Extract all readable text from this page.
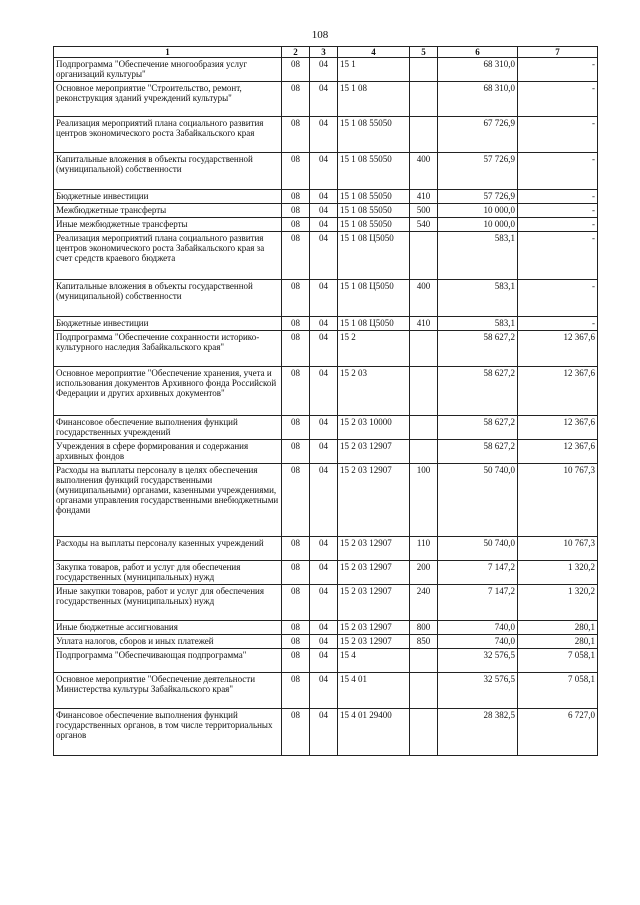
108
1	2	3	4	5	6	7
Подпрограмма "Обеспечение многообразия услуг организаций культуры"	08	04	15 1		68 310,0	-
Основное мероприятие "Строительство, ремонт, реконструкция зданий учреждений культуры"	08	04	15 1 08		68 310,0	-
Реализация мероприятий плана социального развития центров экономического роста Забайкальского края	08	04	15 1 08 55050		67 726,9	-
Капитальные вложения в объекты государственной (муниципальной) собственности	08	04	15 1 08 55050	400	57 726,9	-
Бюджетные инвестиции	08	04	15 1 08 55050	410	57 726,9	-
Межбюджетные трансферты	08	04	15 1 08 55050	500	10 000,0	-
Иные межбюджетные трансферты	08	04	15 1 08 55050	540	10 000,0	-
Реализация мероприятий плана социального развития центров экономического роста Забайкальского края за счет средств краевого бюджета	08	04	15 1 08 Ц5050		583,1	-
Капитальные вложения в объекты государственной (муниципальной) собственности	08	04	15 1 08 Ц5050	400	583,1	-
Бюджетные инвестиции	08	04	15 1 08 Ц5050	410	583,1	-
Подпрограмма "Обеспечение сохранности историко-культурного наследия Забайкальского края"	08	04	15 2		58 627,2	12 367,6
Основное мероприятие "Обеспечение хранения, учета и использования документов Архивного фонда Российской Федерации и других архивных документов"	08	04	15 2 03		58 627,2	12 367,6
Финансовое обеспечение выполнения функций государственных учреждений	08	04	15 2 03 10000		58 627,2	12 367,6
Учреждения в сфере формирования и содержания архивных фондов	08	04	15 2 03 12907		58 627,2	12 367,6
Расходы на выплаты персоналу в целях обеспечения выполнения функций государственными (муниципальными) органами, казенными учреждениями, органами управления государственными внебюджетными фондами	08	04	15 2 03 12907	100	50 740,0	10 767,3
Расходы на выплаты персоналу казенных учреждений	08	04	15 2 03 12907	110	50 740,0	10 767,3
Закупка товаров, работ и услуг для обеспечения государственных (муниципальных) нужд	08	04	15 2 03 12907	200	7 147,2	1 320,2
Иные закупки товаров, работ и услуг для обеспечения государственных (муниципальных) нужд	08	04	15 2 03 12907	240	7 147,2	1 320,2
Иные бюджетные ассигнования	08	04	15 2 03 12907	800	740,0	280,1
Уплата налогов, сборов и иных платежей	08	04	15 2 03 12907	850	740,0	280,1
Подпрограмма "Обеспечивающая подпрограмма"	08	04	15 4		32 576,5	7 058,1
Основное мероприятие "Обеспечение деятельности Министерства культуры Забайкальского края"	08	04	15 4 01		32 576,5	7 058,1
Финансовое обеспечение выполнения функций государственных органов, в том числе территориальных органов	08	04	15 4 01 29400		28 382,5	6 727,0
